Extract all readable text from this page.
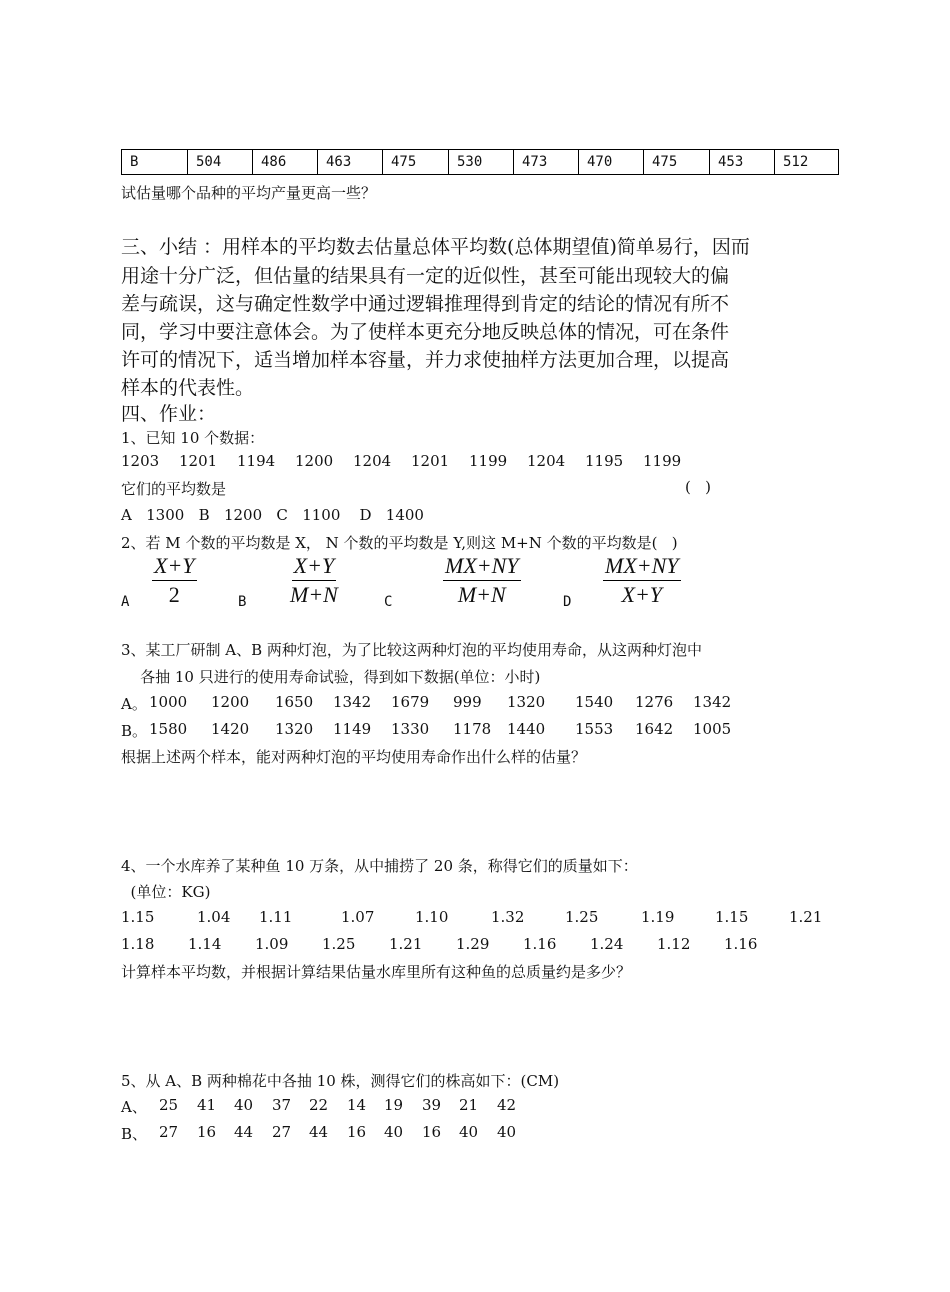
B	504	486	463	475	530	473	470	475	453	512
试估量哪个品种的平均产量更高一些？
三、小结 ：用样本的平均数去估量总体平均数(总体期望值)简单易行，因而
用途十分广泛，但估量的结果具有一定的近似性，甚至可能出现较大的偏
差与疏误，这与确定性数学中通过逻辑推理得到肯定的结论的情况有所不
同，学习中要注意体会。为了使样本更充分地反映总体的情况，可在条件
许可的情况下，适当增加样本容量，并力求使抽样方法更加合理，以提高
样本的代表性。
四、作业：
1、已知 10 个数据：
1203	1201	1194	1200	1204	1201	1199	1204	1195	1199
它们的平均数是	(   )
A   1300   B   1200   C   1100    D   1400
2、若 M 个数的平均数是 X， N 个数的平均数是 Y,则这 M+N 个数的平均数是(   )
A $\frac{X+Y}{2}$	B $\frac{X+Y}{M+N}$	C $\frac{MX+NY}{M+N}$	D $\frac{MX+NY}{X+Y}$
3、某工厂研制 A、B 两种灯泡，为了比较这两种灯泡的平均使用寿命，从这两种灯泡中
各抽 10 只进行的使用寿命试验，得到如下数据(单位：小时)
A。 1000	1200	1650	1342	1679	999	1320	1540	1276	1342
B。 1580	1420	1320	1149	1330	1178	1440	1553	1642	1005
根据上述两个样本，能对两种灯泡的平均使用寿命作出什么样的估量？
4、一个水库养了某种鱼 10 万条，从中捕捞了 20 条，称得它们的质量如下：
(单位：KG)
1.15	1.04	1.11	1.07	1.10	1.32	1.25	1.19	1.15	1.21
1.18	1.14	1.09	1.25	1.21	1.29	1.16	1.24	1.12	1.16
计算样本平均数，并根据计算结果估量水库里所有这种鱼的总质量约是多少？
5、从 A、B 两种棉花中各抽 10 株，测得它们的株高如下：(CM)
A、 25	41	40	37	22	14	19	39	21	42
B、 27	16	44	27	44	16	40	16	40	40
